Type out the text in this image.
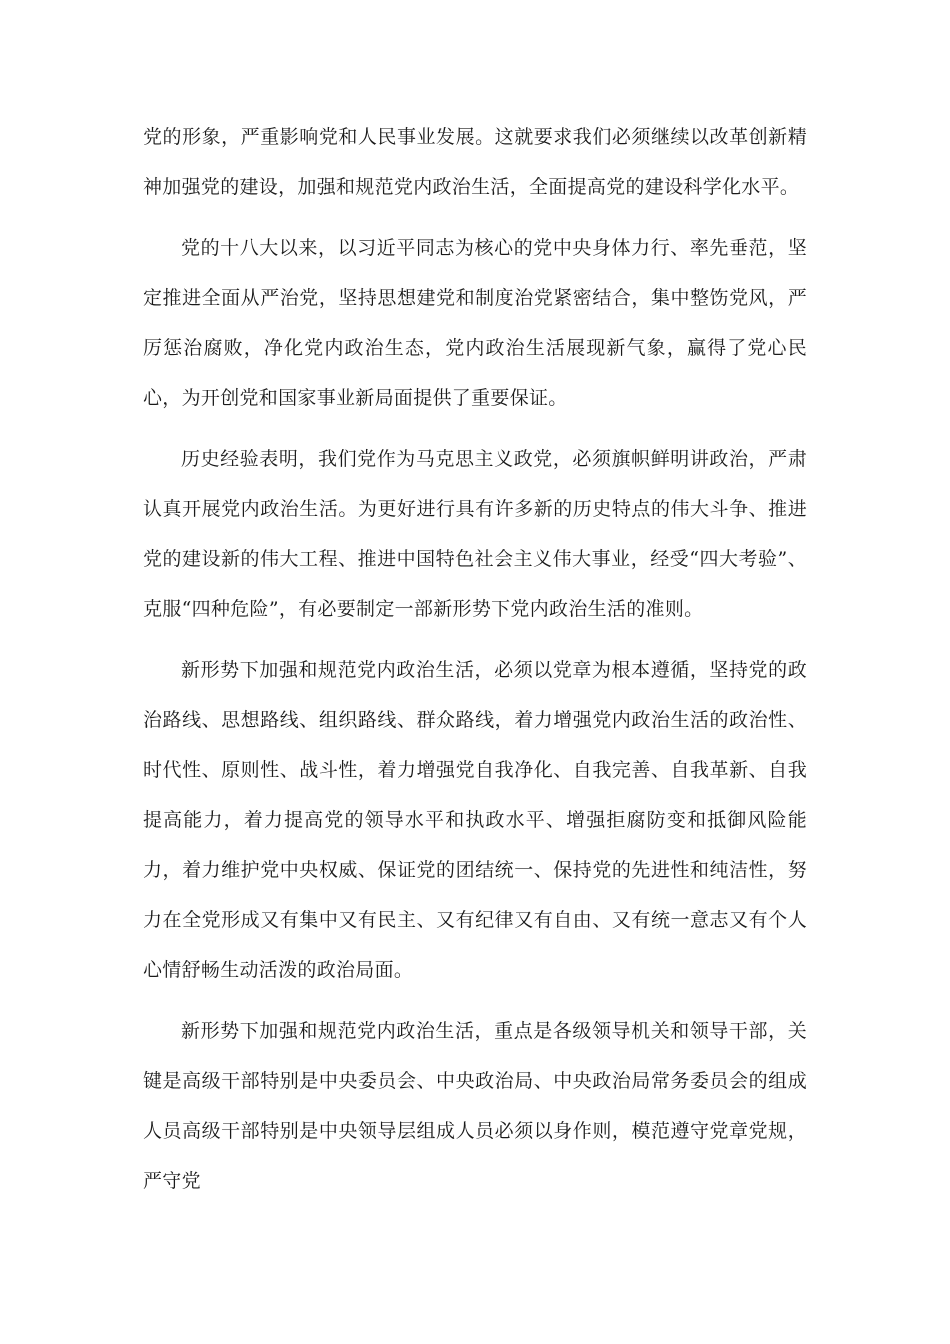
党的形象，严重影响党和人民事业发展。这就要求我们必须继续以改革创新精神加强党的建设，加强和规范党内政治生活，全面提高党的建设科学化水平。

党的十八大以来，以习近平同志为核心的党中央身体力行、率先垂范，坚定推进全面从严治党，坚持思想建党和制度治党紧密结合，集中整饬党风，严厉惩治腐败，净化党内政治生态，党内政治生活展现新气象，赢得了党心民心，为开创党和国家事业新局面提供了重要保证。

历史经验表明，我们党作为马克思主义政党，必须旗帜鲜明讲政治，严肃认真开展党内政治生活。为更好进行具有许多新的历史特点的伟大斗争、推进党的建设新的伟大工程、推进中国特色社会主义伟大事业，经受“四大考验”、克服“四种危险”，有必要制定一部新形势下党内政治生活的准则。

新形势下加强和规范党内政治生活，必须以党章为根本遵循，坚持党的政治路线、思想路线、组织路线、群众路线，着力增强党内政治生活的政治性、时代性、原则性、战斗性，着力增强党自我净化、自我完善、自我革新、自我提高能力，着力提高党的领导水平和执政水平、增强拒腐防变和抵御风险能力，着力维护党中央权威、保证党的团结统一、保持党的先进性和纯洁性，努力在全党形成又有集中又有民主、又有纪律又有自由、又有统一意志又有个人心情舒畅生动活泼的政治局面。

新形势下加强和规范党内政治生活，重点是各级领导机关和领导干部，关键是高级干部特别是中央委员会、中央政治局、中央政治局常务委员会的组成人员高级干部特别是中央领导层组成人员必须以身作则，模范遵守党章党规，严守党
